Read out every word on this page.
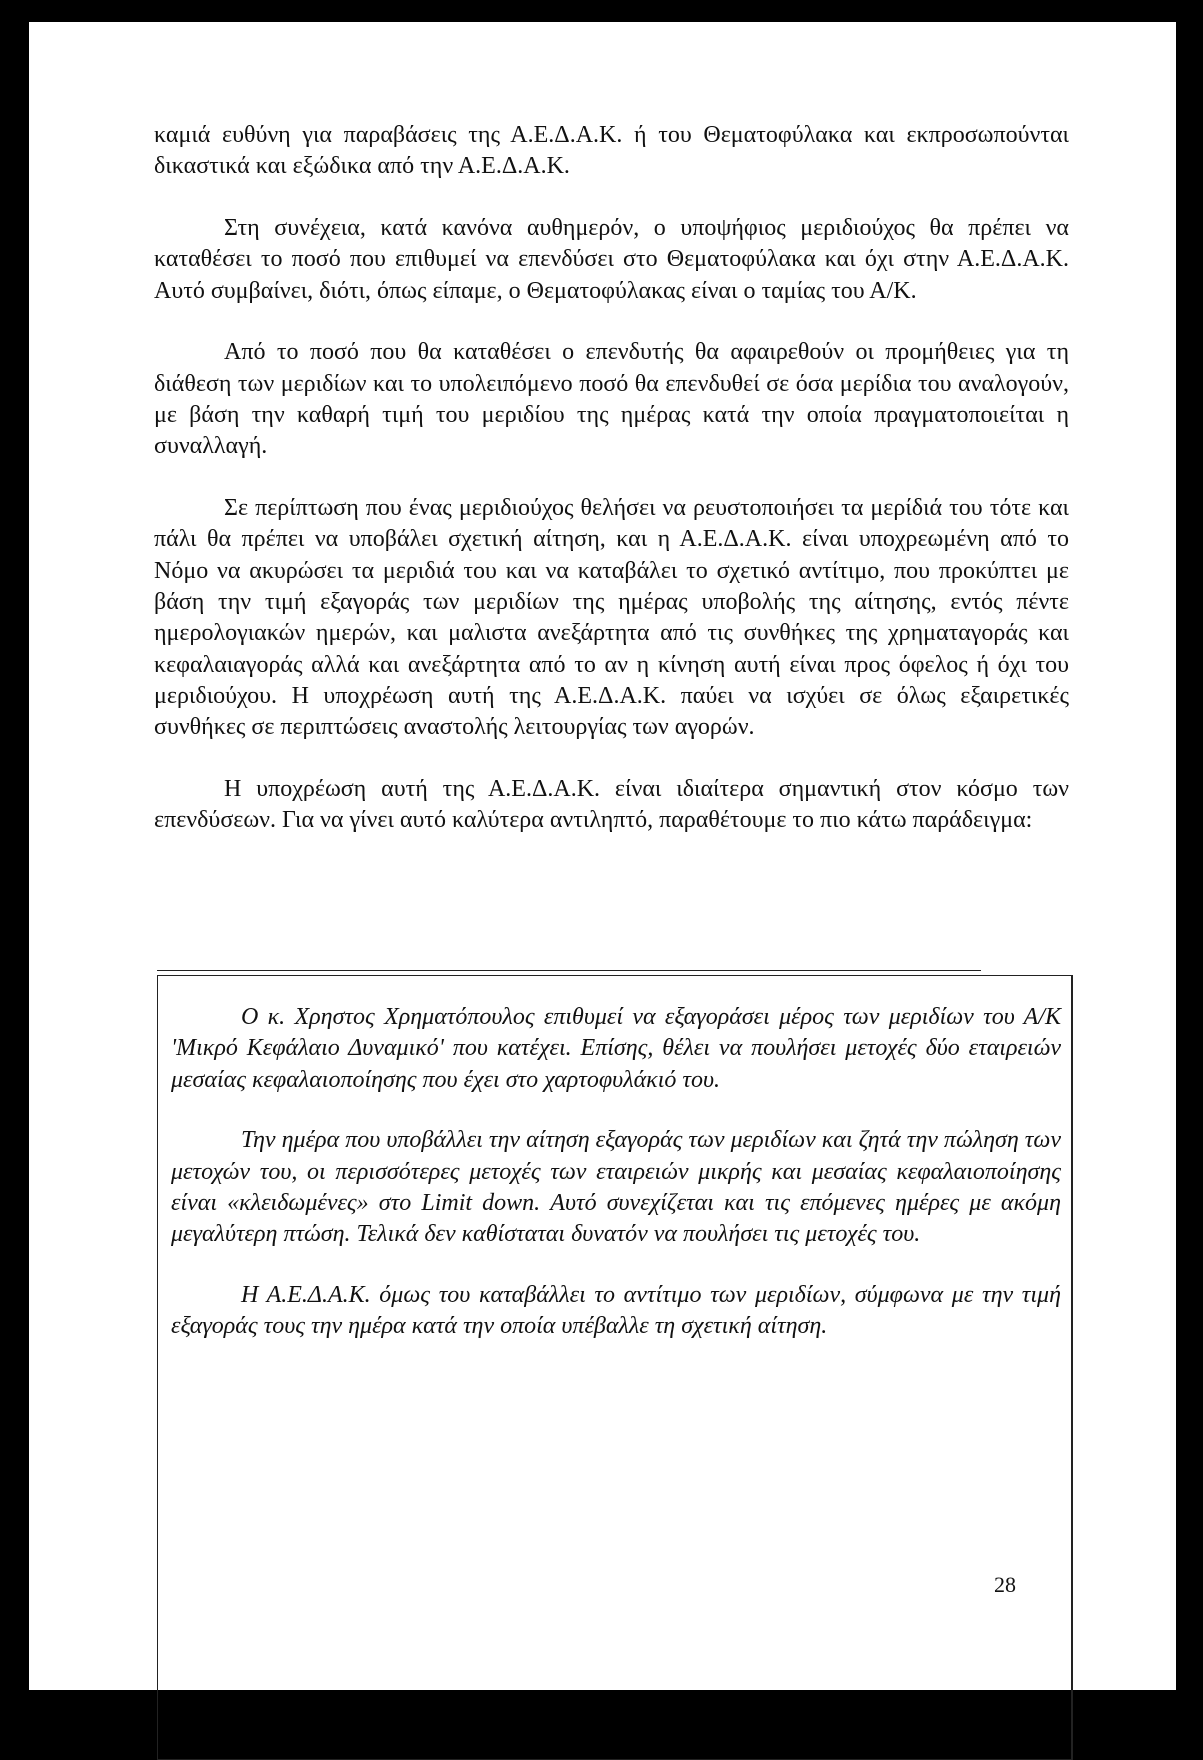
καμιά ευθύνη για παραβάσεις της Α.Ε.Δ.Α.Κ. ή του Θεματοφύλακα και εκπροσωπούνται δικαστικά και εξώδικα από την Α.Ε.Δ.Α.Κ.

Στη συνέχεια, κατά κανόνα αυθημερόν, ο υποψήφιος μεριδιούχος θα πρέπει να καταθέσει το ποσό που επιθυμεί να επενδύσει στο Θεματοφύλακα και όχι στην Α.Ε.Δ.Α.Κ. Αυτό συμβαίνει, διότι, όπως είπαμε, ο Θεματοφύλακας είναι ο ταμίας του Α/Κ.

Από το ποσό που θα καταθέσει ο επενδυτής θα αφαιρεθούν οι προμήθειες για τη διάθεση των μεριδίων και το υπολειπόμενο ποσό θα επενδυθεί σε όσα μερίδια του αναλογούν, με βάση την καθαρή τιμή του μεριδίου της ημέρας κατά την οποία πραγματοποιείται η συναλλαγή.

Σε περίπτωση που ένας μεριδιούχος θελήσει να ρευστοποιήσει τα μερίδιά του τότε και πάλι θα πρέπει να υποβάλει σχετική αίτηση, και η Α.Ε.Δ.Α.Κ. είναι υποχρεωμένη από το Νόμο να ακυρώσει τα μεριδιά του και να καταβάλει το σχετικό αντίτιμο, που προκύπτει με βάση την τιμή εξαγοράς των μεριδίων της ημέρας υποβολής της αίτησης, εντός πέντε ημερολογιακών ημερών, και μαλιστα ανεξάρτητα από τις συνθήκες της χρηματαγοράς και κεφαλαιαγοράς αλλά και ανεξάρτητα από το αν η κίνηση αυτή είναι προς όφελος ή όχι του μεριδιούχου. Η υποχρέωση αυτή της Α.Ε.Δ.Α.Κ. παύει να ισχύει σε όλως εξαιρετικές συνθήκες σε περιπτώσεις αναστολής λειτουργίας των αγορών.

Η υποχρέωση αυτή της Α.Ε.Δ.Α.Κ. είναι ιδιαίτερα σημαντική στον κόσμο των επενδύσεων. Για να γίνει αυτό καλύτερα αντιληπτό, παραθέτουμε το πιο κάτω παράδειγμα:

Ο κ. Χρηστος Χρηματόπουλος επιθυμεί να εξαγοράσει μέρος των μεριδίων του Α/Κ 'Μικρό Κεφάλαιο Δυναμικό' που κατέχει. Επίσης, θέλει να πουλήσει μετοχές δύο εταιρειών μεσαίας κεφαλαιοποίησης που έχει στο χαρτοφυλάκιό του.

Την ημέρα που υποβάλλει την αίτηση εξαγοράς των μεριδίων και ζητά την πώληση των μετοχών του, οι περισσότερες μετοχές των εταιρειών μικρής και μεσαίας κεφαλαιοποίησης είναι «κλειδωμένες» στο Limit down. Αυτό συνεχίζεται και τις επόμενες ημέρες με ακόμη μεγαλύτερη πτώση. Τελικά δεν καθίσταται δυνατόν να πουλήσει τις μετοχές του.

Η Α.Ε.Δ.Α.Κ. όμως του καταβάλλει το αντίτιμο των μεριδίων, σύμφωνα με την τιμή εξαγοράς τους την ημέρα κατά την οποία υπέβαλλε τη σχετική αίτηση.

28
